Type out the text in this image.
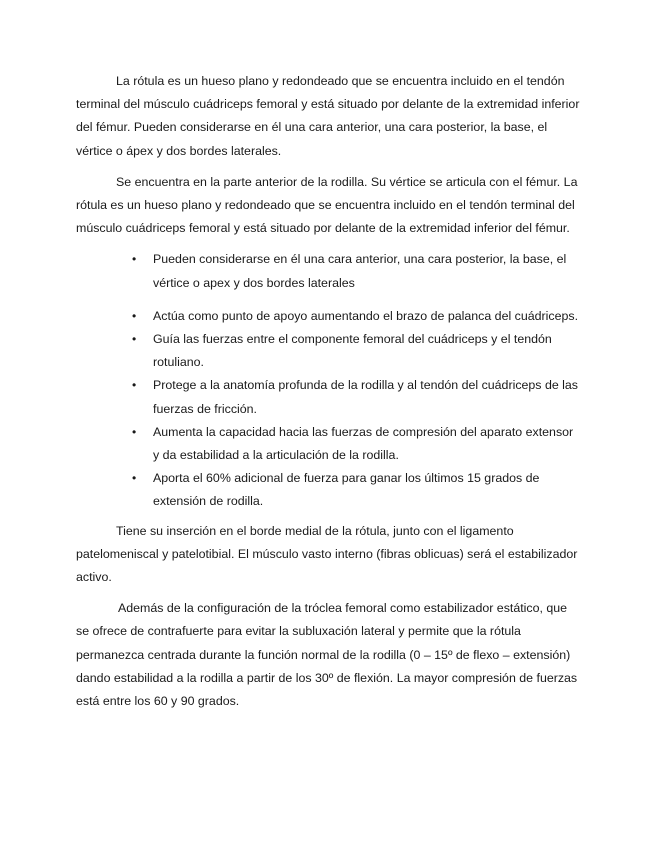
La rótula es un hueso plano y redondeado que se encuentra incluido en el tendón terminal del músculo cuádriceps femoral y está situado por delante de la extremidad inferior del fémur. Pueden considerarse en él una cara anterior, una cara posterior, la base, el vértice o ápex y dos bordes laterales.

Se encuentra en la parte anterior de la rodilla. Su vértice se articula con el fémur. La rótula es un hueso plano y redondeado que se encuentra incluido en el tendón terminal del músculo cuádriceps femoral y está situado por delante de la extremidad inferior del fémur.

• Pueden considerarse en él una cara anterior, una cara posterior, la base, el vértice o apex y dos bordes laterales
• Actúa como punto de apoyo aumentando el brazo de palanca del cuádriceps.
• Guía las fuerzas entre el componente femoral del cuádriceps y el tendón rotuliano.
• Protege a la anatomía profunda de la rodilla y al tendón del cuádriceps de las fuerzas de fricción.
• Aumenta la capacidad hacia las fuerzas de compresión del aparato extensor y da estabilidad a la articulación de la rodilla.
• Aporta el 60% adicional de fuerza para ganar los últimos 15 grados de extensión de rodilla.

Tiene su inserción en el borde medial de la rótula, junto con el ligamento patelomeniscal y patelotibial. El músculo vasto interno (fibras oblicuas) será el estabilizador activo.

Además de la configuración de la tróclea femoral como estabilizador estático, que se ofrece de contrafuerte para evitar la subluxación lateral y permite que la rótula permanezca centrada durante la función normal de la rodilla (0 – 15º de flexo – extensión) dando estabilidad a la rodilla a partir de los 30º de flexión. La mayor compresión de fuerzas está entre los 60 y 90 grados.
